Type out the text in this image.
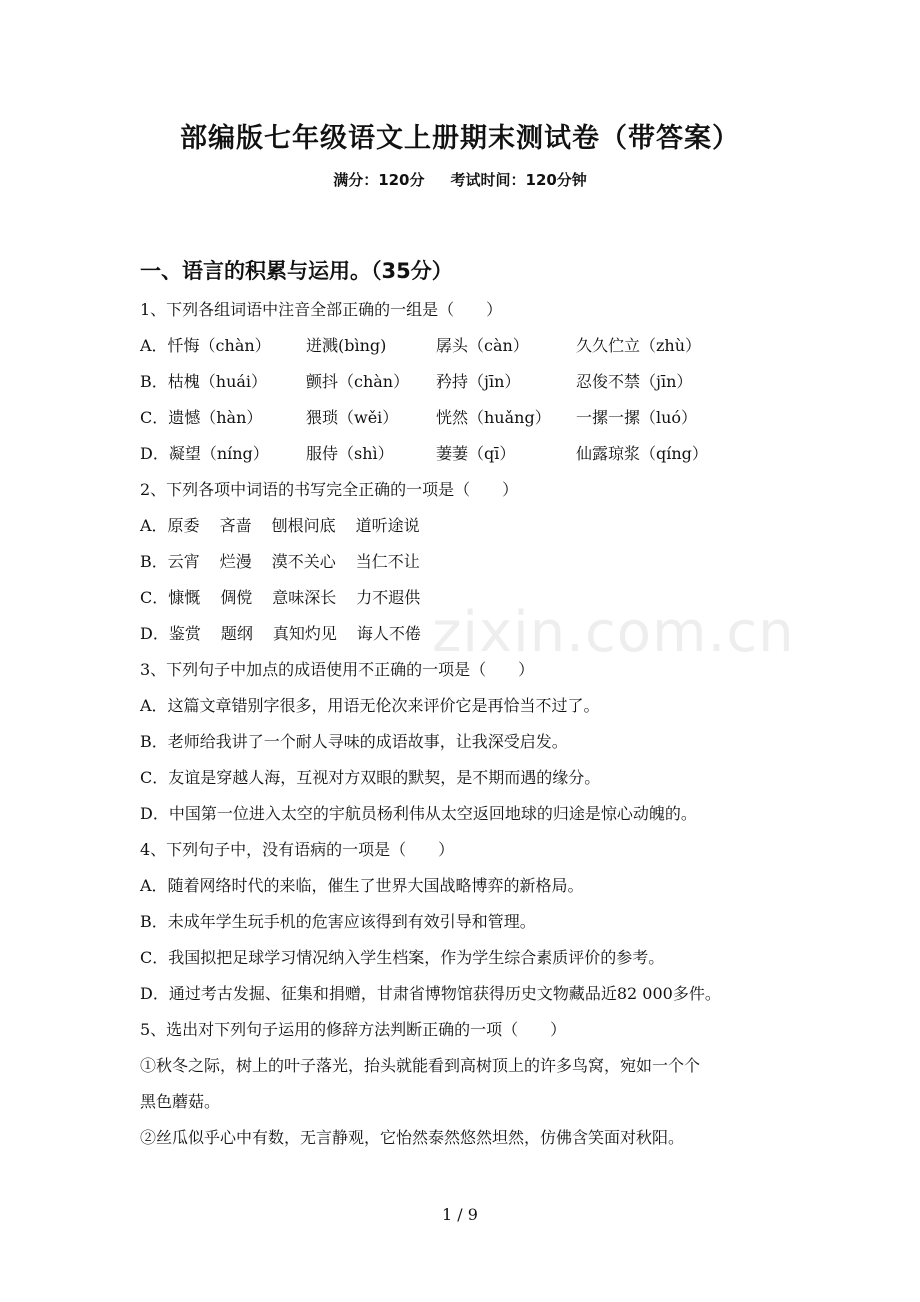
zixin.com.cn
部编版七年级语文上册期末测试卷（带答案）
满分：120分 考试时间：120分钟
一、语言的积累与运用。（35分）
1、下列各组词语中注音全部正确的一组是（　　）
A．忏悔（chàn） 迸溅(bìng)	孱头（càn）	久久伫立（zhù）
B．枯槐（huái） 颤抖（chàn） 矜持（jīn）	忍俊不禁（jīn）
C．遗憾（hàn）	猥琐（wěi） 恍然（huǎng） 一摞一摞（luó）
D．凝望（níng） 服侍（shì）	萋萋（qī）	仙露琼浆（qíng）
2、下列各项中词语的书写完全正确的一项是（　　）
A．原委 吝啬 刨根问底 道听途说
B．云宵 烂漫 漠不关心 当仁不让
C．慷慨 倜傥 意味深长 力不遐供
D．鉴赏 题纲 真知灼见 诲人不倦
3、下列句子中加点的成语使用不正确的一项是（　　）
A．这篇文章错别字很多，用语无伦次来评价它是再恰当不过了。
B．老师给我讲了一个耐人寻味的成语故事，让我深受启发。
C．友谊是穿越人海，互视对方双眼的默契，是不期而遇的缘分。
D．中国第一位进入太空的宇航员杨利伟从太空返回地球的归途是惊心动魄的。
4、下列句子中，没有语病的一项是（　　）
A．随着网络时代的来临，催生了世界大国战略博弈的新格局。
B．未成年学生玩手机的危害应该得到有效引导和管理。
C．我国拟把足球学习情况纳入学生档案，作为学生综合素质评价的参考。
D．通过考古发掘、征集和捐赠，甘肃省博物馆获得历史文物藏品近82 000多件。
5、选出对下列句子运用的修辞方法判断正确的一项（　　）
①秋冬之际，树上的叶子落光，抬头就能看到高树顶上的许多鸟窝，宛如一个个
黑色蘑菇。
②丝瓜似乎心中有数，无言静观，它怡然泰然悠然坦然，仿佛含笑面对秋阳。
1 / 9
